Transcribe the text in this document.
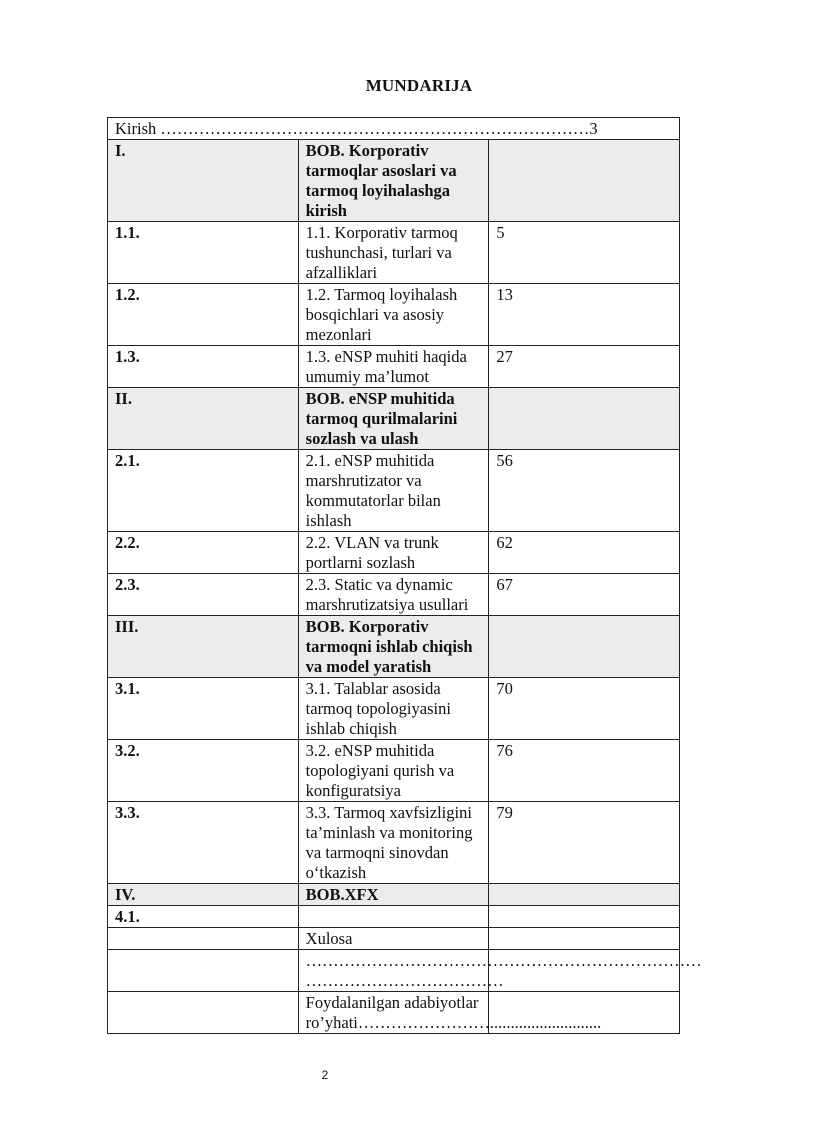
MUNDARIJA
Kirish ……………………………………………………………………3		
I.	BOB. Korporativ tarmoqlar asoslari va tarmoq loyihalashga kirish	
1.1.	1.1. Korporativ tarmoq tushunchasi, turlari va afzalliklari	5
1.2.	1.2. Tarmoq loyihalash bosqichlari va asosiy mezonlari	13
1.3.	1.3. eNSP muhiti haqida umumiy ma’lumot	27
II.	BOB. eNSP muhitida tarmoq qurilmalarini sozlash va ulash	
2.1.	2.1. eNSP muhitida marshrutizator va kommutatorlar bilan ishlash	56
2.2.	2.2. VLAN va trunk portlarni sozlash	62
2.3.	2.3. Static va dynamic marshrutizatsiya usullari	67
III.	BOB. Korporativ tarmoqni ishlab chiqish va model yaratish	
3.1.	3.1. Talablar asosida tarmoq topologiyasini ishlab chiqish	70
3.2.	3.2. eNSP muhitida topologiyani qurish va konfiguratsiya	76
3.3.	3.3. Tarmoq xavfsizligini ta’minlash va monitoring va tarmoqni sinovdan o‘tkazish	79
IV.	BOB.XFX	
4.1.		
	Xulosa	

	………………………………………………………………
………………………………	

	Foydalanilgan adabiyotlar
ro’yhati……………………...........................	

2
